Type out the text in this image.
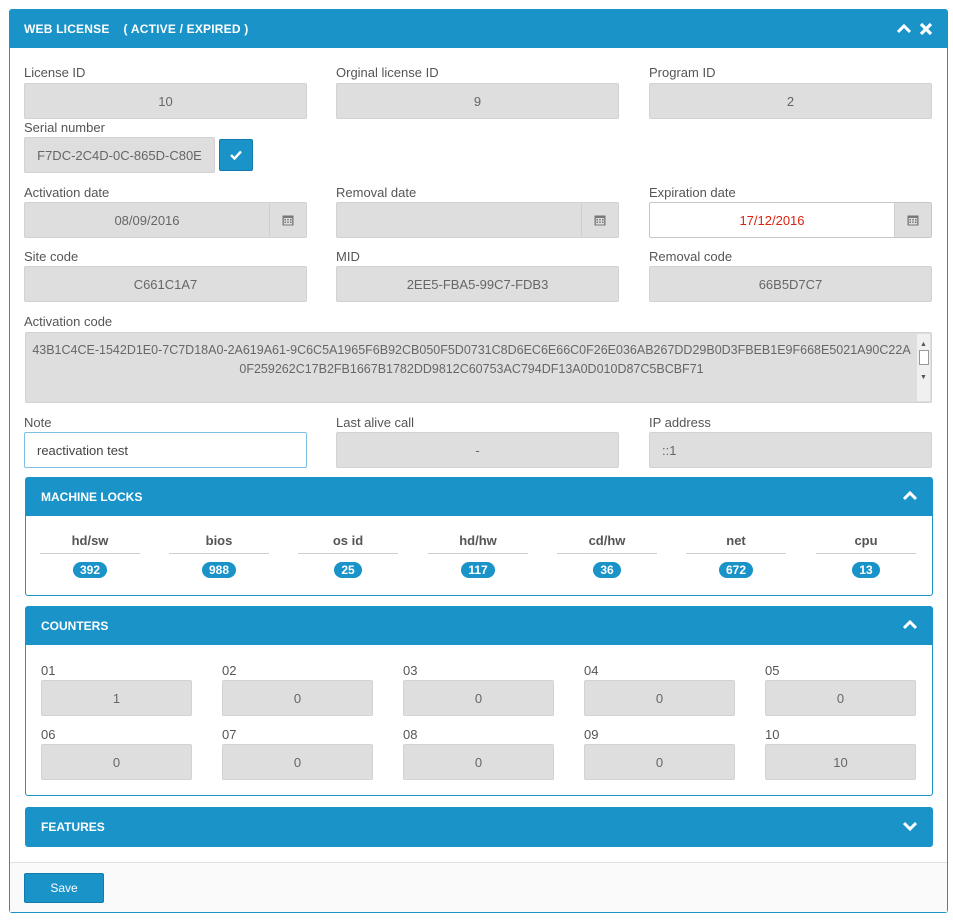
WEB LICENSE ( ACTIVE / EXPIRED )
License ID
10
Orginal license ID
9
Program ID
2
Serial number
F7DC-2C4D-0C-865D-C80E
Activation date
08/09/2016
Removal date	Expiration date
17/12/2016
Site code
C661C1A7
MID
2EE5-FBA5-99C7-FDB3
Removal code
66B5D7C7
Activation code
43B1C4CE-1542D1E0-7C7D18A0-2A619A61-9C6C5A1965F6B92CB050F5D0731C8D6EC6E66C0F26E036AB267DD29B0D3FBEB1E9F668E5021A90C22A0F259262C17B2FB1667B1782DD9812C60753AC794DF13A0D010D87C5BCBF71
▲
▼
Note
reactivation test
Last alive call
-
IP address
::1
MACHINE LOCKS
hd/sw
392
bios
988
os id
25
hd/hw
117
cd/hw
36
net
672
cpu
13
COUNTERS
01
1
02
0
03
0
04
0
05
0
06
0
07
0
08
0
09
0
10
10
FEATURES
Save
